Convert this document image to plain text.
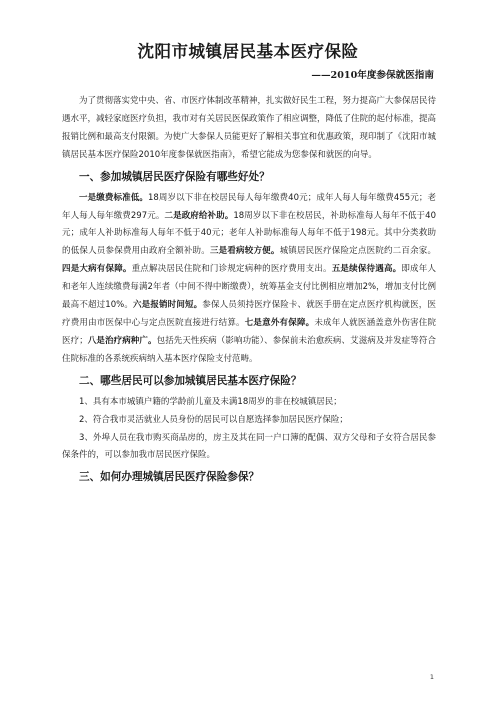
沈阳市城镇居民基本医疗保险
——2010年度参保就医指南

为了贯彻落实党中央、省、市医疗体制改革精神，扎实做好民生工程，努力提高广大参保居民待遇水平，减轻家庭医疗负担，我市对有关居民医保政策作了相应调整，降低了住院的起付标准，提高报销比例和最高支付限额。为使广大参保人员能更好了解相关事宜和优惠政策，现印制了《沈阳市城镇居民基本医疗保险2010年度参保就医指南》，希望它能成为您参保和就医的向导。

一、参加城镇居民医疗保险有哪些好处？

一是缴费标准低。18周岁以下非在校居民每人每年缴费40元；成年人每人每年缴费455元；老年人每人每年缴费297元。二是政府给补助。18周岁以下非在校居民，补助标准每人每年不低于40元；成年人补助标准每人每年不低于40元；老年人补助标准每人每年不低于198元。其中分类救助的低保人员参保费用由政府全额补助。三是看病较方便。城镇居民医疗保险定点医院约二百余家。四是大病有保障。重点解决居民住院和门诊规定病种的医疗费用支出。五是续保待遇高。即成年人和老年人连续缴费每满2年者（中间不得中断缴费），统筹基金支付比例相应增加2%，增加支付比例最高不超过10%。六是报销时间短。参保人员须持医疗保险卡、就医手册在定点医疗机构就医，医疗费用由市医保中心与定点医院直接进行结算。七是意外有保障。未成年人就医涵盖意外伤害住院医疗；八是治疗病种广。包括先天性疾病（影响功能）、参保前未治愈疾病、艾滋病及并发症等符合住院标准的各系统疾病纳入基本医疗保险支付范畴。

二、哪些居民可以参加城镇居民基本医疗保险？

1、具有本市城镇户籍的学龄前儿童及未满18周岁的非在校城镇居民；

2、符合我市灵活就业人员身份的居民可以自愿选择参加居民医疗保险；

3、外埠人员在我市购买商品房的，房主及其在同一户口簿的配偶、双方父母和子女符合居民参保条件的，可以参加我市居民医疗保险。

三、如何办理城镇居民医疗保险参保？
1
